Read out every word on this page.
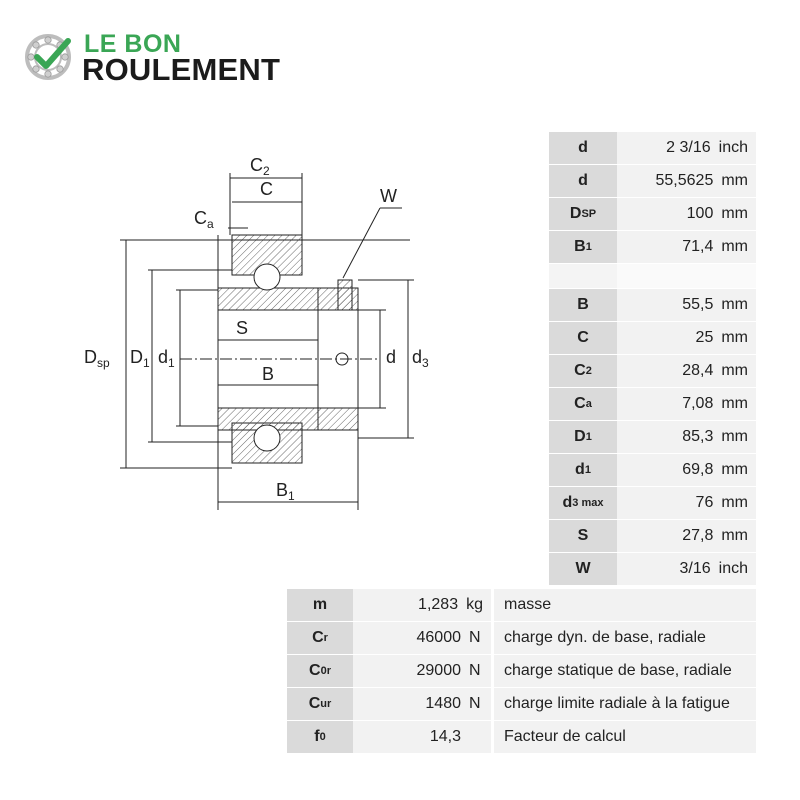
LE BON
ROULEMENT
$C_2$
C
$C_a$
W
S
B
$B_1$
$D_{sp}$ $D_1$ $d_1$	d $d_3$
d	2 3/16 inch
d	55,5625 mm
D SP	100 mm
B 1	71,4 mm
B	55,5 mm
C	25 mm
C 2	28,4 mm
C a	7,08 mm
D 1	85,3 mm
d 1	69,8 mm
d 3 max	76 mm
S	27,8 mm
W	3/16 inch
m	1,283 kg	masse
C r	46000 N	charge dyn. de base, radiale
C 0r	29000 N	charge statique de base, radiale
C ur	1480 N	charge limite radiale à la fatigue
f 0	14,3	Facteur de calcul
